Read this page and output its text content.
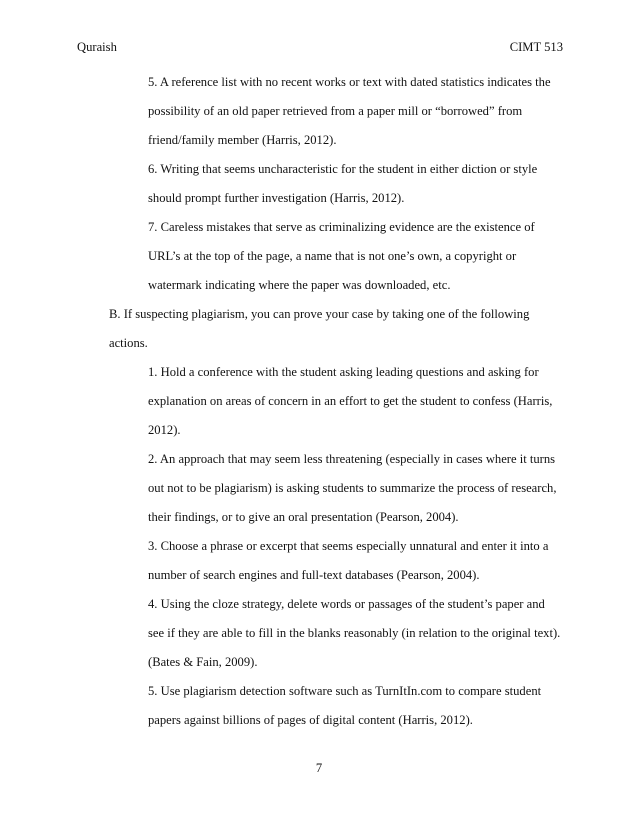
Quraish	CIMT 513
5. A reference list with no recent works or text with dated statistics indicates the
possibility of an old paper retrieved from a paper mill or “borrowed” from
friend/family member (Harris, 2012).
6. Writing that seems uncharacteristic for the student in either diction or style
should prompt further investigation (Harris, 2012).
7. Careless mistakes that serve as criminalizing evidence are the existence of
URL’s at the top of the page, a name that is not one’s own, a copyright or
watermark indicating where the paper was downloaded, etc.
B. If suspecting plagiarism, you can prove your case by taking one of the following
actions.
1. Hold a conference with the student asking leading questions and asking for
explanation on areas of concern in an effort to get the student to confess (Harris,
2012).
2. An approach that may seem less threatening (especially in cases where it turns
out not to be plagiarism) is asking students to summarize the process of research,
their findings, or to give an oral presentation (Pearson, 2004).
3. Choose a phrase or excerpt that seems especially unnatural and enter it into a
number of search engines and full-text databases (Pearson, 2004).
4. Using the cloze strategy, delete words or passages of the student’s paper and
see if they are able to fill in the blanks reasonably (in relation to the original text).
(Bates & Fain, 2009).
5. Use plagiarism detection software such as TurnItIn.com to compare student
papers against billions of pages of digital content (Harris, 2012).
7
